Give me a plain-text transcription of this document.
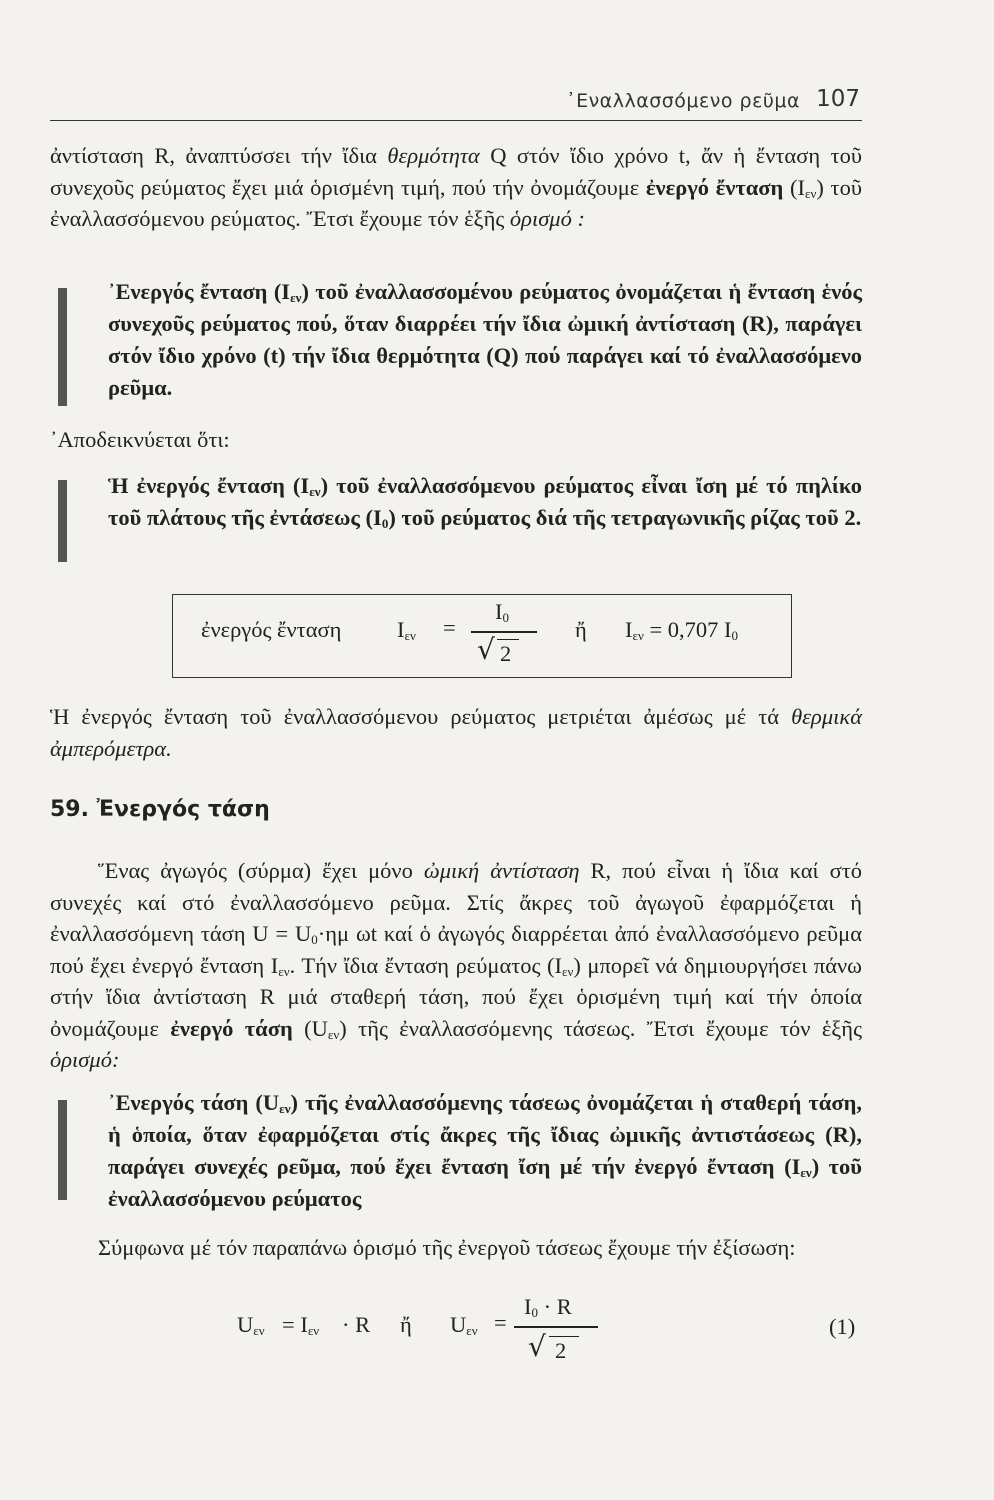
᾽Εναλλασσόμενο ρεῦμα 107

ἀντίσταση R, ἀναπτύσσει τήν ἴδια θερμότητα Q στόν ἴδιο χρόνο t, ἄν ἡ ἔνταση τοῦ συνεχοῦς ρεύματος ἔχει μιά ὁρισμένη τιμή, πού τήν ὀνομάζουμε ἐνεργό ἔνταση $(I_{\varepsilon\nu})$ τοῦ ἐναλλασσόμενου ρεύματος. Ἔτσι ἔχουμε τόν ἑξῆς ὁρισμό :

᾽Ενεργός ἔνταση $(I_{\varepsilon\nu})$ τοῦ ἐναλλασσομένου ρεύματος ὀνομάζεται ἡ ἔνταση ἑνός συνεχοῦς ρεύματος πού, ὅταν διαρρέει τήν ἴδια ὠμική ἀντίσταση (R), παράγει στόν ἴδιο χρόνο (t) τήν ἴδια θερμότητα (Q) πού παράγει καί τό ἐναλλασσόμενο ρεῦμα.

᾽Αποδεικνύεται ὅτι:

Ἡ ἐνεργός ἔνταση $(I_{\varepsilon\nu})$ τοῦ ἐναλλασσόμενου ρεύματος εἶναι ἴση μέ τό πηλίκο τοῦ πλάτους τῆς ἐντάσεως $(I_0)$ τοῦ ρεύματος διά τῆς τετραγωνικῆς ρίζας τοῦ 2.

ἐνεργός ἔνταση $I_{\varepsilon\nu}$ =
$I_0$
√ 2
ἤ $I_{\varepsilon\nu} = 0,707$ $I_0$

Ἡ ἐνεργός ἔνταση τοῦ ἐναλλασσόμενου ρεύματος μετριέται ἀμέσως μέ τά θερμικά ἀμπερόμετρα.

59. Ἐνεργός τάση

Ἕνας ἀγωγός (σύρμα) ἔχει μόνο ὠμική ἀντίσταση R, πού εἶναι ἡ ἴδια καί στό συνεχές καί στό ἐναλλασσόμενο ρεῦμα. Στίς ἄκρες τοῦ ἀγωγοῦ ἐφαρμόζεται ἡ ἐναλλασσόμενη τάση $U = U_0\cdot\eta\mu$ ωt καί ὁ ἀγωγός διαρρέεται ἀπό ἐναλλασσόμενο ρεῦμα πού ἔχει ἐνεργό ἔνταση $I_{\varepsilon\nu}$. Τήν ἴδια ἔνταση ρεύματος $(I_{\varepsilon\nu})$ μπορεῖ νά δημιουργήσει πάνω στήν ἴδια ἀντίσταση R μιά σταθερή τάση, πού ἔχει ὁρισμένη τιμή καί τήν ὁποία ὀνομάζουμε ἐνεργό τάση $(U_{\varepsilon\nu})$ τῆς ἐναλλασσόμενης τάσεως. Ἔτσι ἔχουμε τόν ἑξῆς ὁρισμό:

᾽Ενεργός τάση $(U_{\varepsilon\nu})$ τῆς ἐναλλασσόμενης τάσεως ὀνομάζεται ἡ σταθερή τάση, ἡ ὁποία, ὅταν ἐφαρμόζεται στίς ἄκρες τῆς ἴδιας ὠμικῆς ἀντιστάσεως (R), παράγει συνεχές ρεῦμα, πού ἔχει ἔνταση ἴση μέ τήν ἐνεργό ἔνταση $(I_{\varepsilon\nu})$ τοῦ ἐναλλασσόμενου ρεύματος

Σύμφωνα μέ τόν παραπάνω ὁρισμό τῆς ἐνεργοῦ τάσεως ἔχουμε τήν ἐξίσωση:

$U_{\varepsilon\nu} = I_{\varepsilon\nu} \cdot R$ ἤ $U_{\varepsilon\nu}$ =
$I_0 \cdot R$
√ 2
(1)
